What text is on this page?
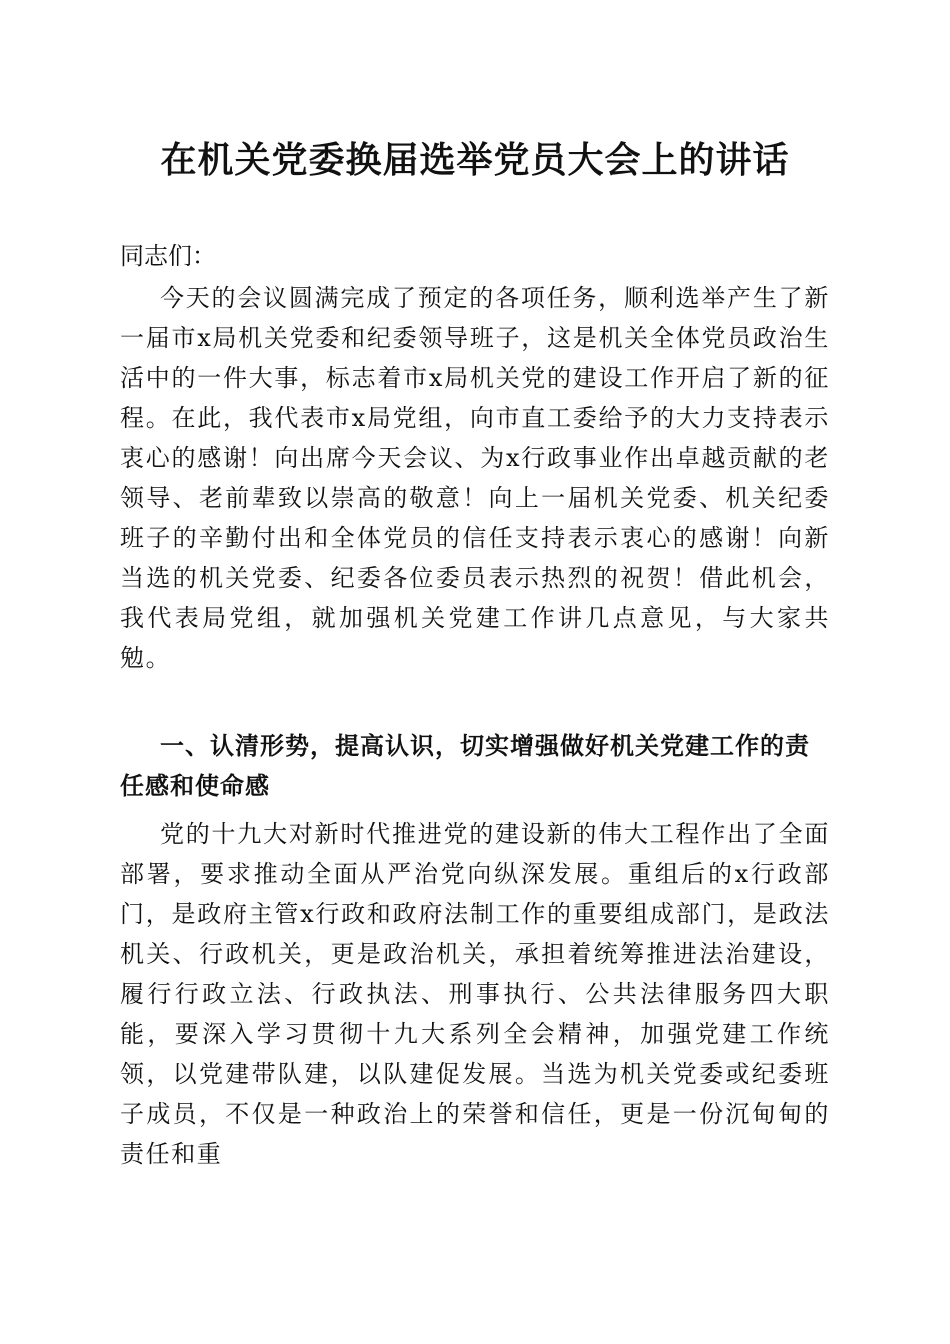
在机关党委换届选举党员大会上的讲话

同志们：

今天的会议圆满完成了预定的各项任务，顺利选举产生了新一届市x局机关党委和纪委领导班子，这是机关全体党员政治生活中的一件大事，标志着市x局机关党的建设工作开启了新的征程。在此，我代表市x局党组，向市直工委给予的大力支持表示衷心的感谢！向出席今天会议、为x行政事业作出卓越贡献的老领导、老前辈致以崇高的敬意！向上一届机关党委、机关纪委班子的辛勤付出和全体党员的信任支持表示衷心的感谢！向新当选的机关党委、纪委各位委员表示热烈的祝贺！借此机会，我代表局党组，就加强机关党建工作讲几点意见，与大家共勉。

一、认清形势，提高认识，切实增强做好机关党建工作的责任感和使命感

党的十九大对新时代推进党的建设新的伟大工程作出了全面部署，要求推动全面从严治党向纵深发展。重组后的x行政部门，是政府主管x行政和政府法制工作的重要组成部门，是政法机关、行政机关，更是政治机关，承担着统筹推进法治建设，履行行政立法、行政执法、刑事执行、公共法律服务四大职能，要深入学习贯彻十九大系列全会精神，加强党建工作统领，以党建带队建，以队建促发展。当选为机关党委或纪委班子成员，不仅是一种政治上的荣誉和信任，更是一份沉甸甸的责任和重
